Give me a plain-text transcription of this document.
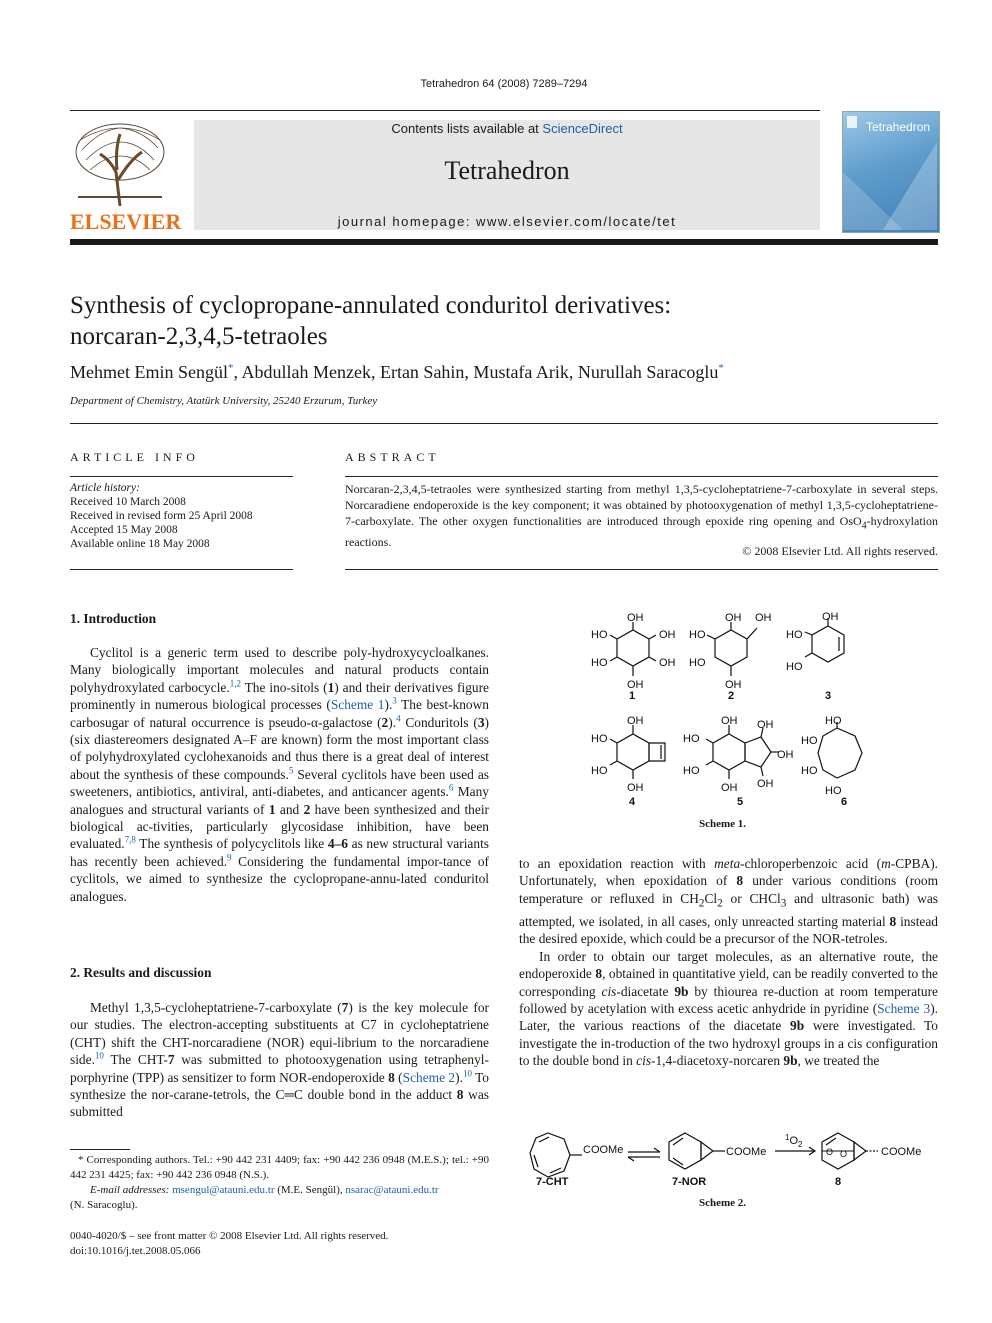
Tetrahedron 64 (2008) 7289–7294
ELSEVIER
Contents lists available at ScienceDirect
Tetrahedron
journal homepage: www.elsevier.com/locate/tet
Tetrahedron
Synthesis of cyclopropane-annulated conduritol derivatives:
norcaran-2,3,4,5-tetraoles
Mehmet Emin Sengül*, Abdullah Menzek, Ertan Sahin, Mustafa Arik, Nurullah Saracoglu*
Department of Chemistry, Atatürk University, 25240 Erzurum, Turkey
ARTICLE INFO
Article history:
Received 10 March 2008
Received in revised form 25 April 2008
Accepted 15 May 2008
Available online 18 May 2008
ABSTRACT
Norcaran-2,3,4,5-tetraoles were synthesized starting from methyl 1,3,5-cycloheptatriene-7-carboxylate in several steps. Norcaradiene endoperoxide is the key component; it was obtained by photooxygenation of methyl 1,3,5-cycloheptatriene-7-carboxylate. The other oxygen functionalities are introduced through epoxide ring opening and OsO$_4$-hydroxylation reactions.
© 2008 Elsevier Ltd. All rights reserved.
1. Introduction

Cyclitol is a generic term used to describe poly-hydroxycycloalkanes. Many biologically important molecules and natural products contain polyhydroxylated carbocycle.$^{1,2}$ The ino-sitols (1) and their derivatives figure prominently in numerous biological processes (Scheme 1).$^3$ The best-known carbosugar of natural occurrence is pseudo-α-galactose (2).$^4$ Conduritols (3) (six diastereomers designated A–F are known) form the most important class of polyhydroxylated cyclohexanoids and thus there is a great deal of interest about the synthesis of these compounds.$^5$ Several cyclitols have been used as sweeteners, antibiotics, antiviral, anti-diabetes, and anticancer agents.$^6$ Many analogues and structural variants of 1 and 2 have been synthesized and their biological ac-tivities, particularly glycosidase inhibition, have been evaluated.$^{7,8}$ The synthesis of polycyclitols like 4–6 as new structural variants has recently been achieved.$^9$ Considering the fundamental impor-tance of cyclitols, we aimed to synthesize the cyclopropane-annu-lated conduritol analogues.

2. Results and discussion

Methyl 1,3,5-cycloheptatriene-7-carboxylate (7) is the key molecule for our studies. The electron-accepting substituents at C7 in cycloheptatriene (CHT) shift the CHT-norcaradiene (NOR) equi-librium to the norcaradiene side.$^{10}$ The CHT-7 was submitted to photooxygenation using tetraphenyl-porphyrine (TPP) as sensitizer to form NOR-endoperoxide 8 (Scheme 2).$^{10}$ To synthesize the nor-carane-tetrols, the C═C double bond in the adduct 8 was submitted

* Corresponding authors. Tel.: +90 442 231 4409; fax: +90 442 236 0948 (M.E.S.); tel.: +90 442 231 4425; fax: +90 442 236 0948 (N.S.).
E-mail addresses: msengul@atauni.edu.tr (M.E. Sengül), nsarac@atauni.edu.tr
(N. Saracoglu).
0040-4020/$ – see front matter © 2008 Elsevier Ltd. All rights reserved.
doi:10.1016/j.tet.2008.05.066
OH
HO	OH
HO	OH
OH
1
OH OH
HO
HO
OH
2
OH
HO
HO
3
OH
HO
HO
OH
4
OH OH
HO
OH
HO
OH OH
5
HO
HO
HO
HO
6
Scheme 1.

to an epoxidation reaction with meta-chloroperbenzoic acid (m-CPBA). Unfortunately, when epoxidation of 8 under various conditions (room temperature or refluxed in $CH_2Cl_2$ or CHCl$_3$ and ultrasonic bath) was attempted, we isolated, in all cases, only unreacted starting material 8 instead the desired epoxide, which could be a precursor of the NOR-tetroles.

In order to obtain our target molecules, as an alternative route, the endoperoxide 8, obtained in quantitative yield, can be readily converted to the corresponding cis-diacetate 9b by thiourea re-duction at room temperature followed by acetylation with excess acetic anhydride in pyridine (Scheme 3). Later, the various reactions of the diacetate 9b were investigated. To investigate the in-troduction of the two hydroxyl groups in a cis configuration to the double bond in cis-1,4-diacetoxy-norcaren 9b, we treated the

COOMe	COOMe
$^1O_2$
O O	COOMe
7-CHT	7-NOR	8
Scheme 2.
